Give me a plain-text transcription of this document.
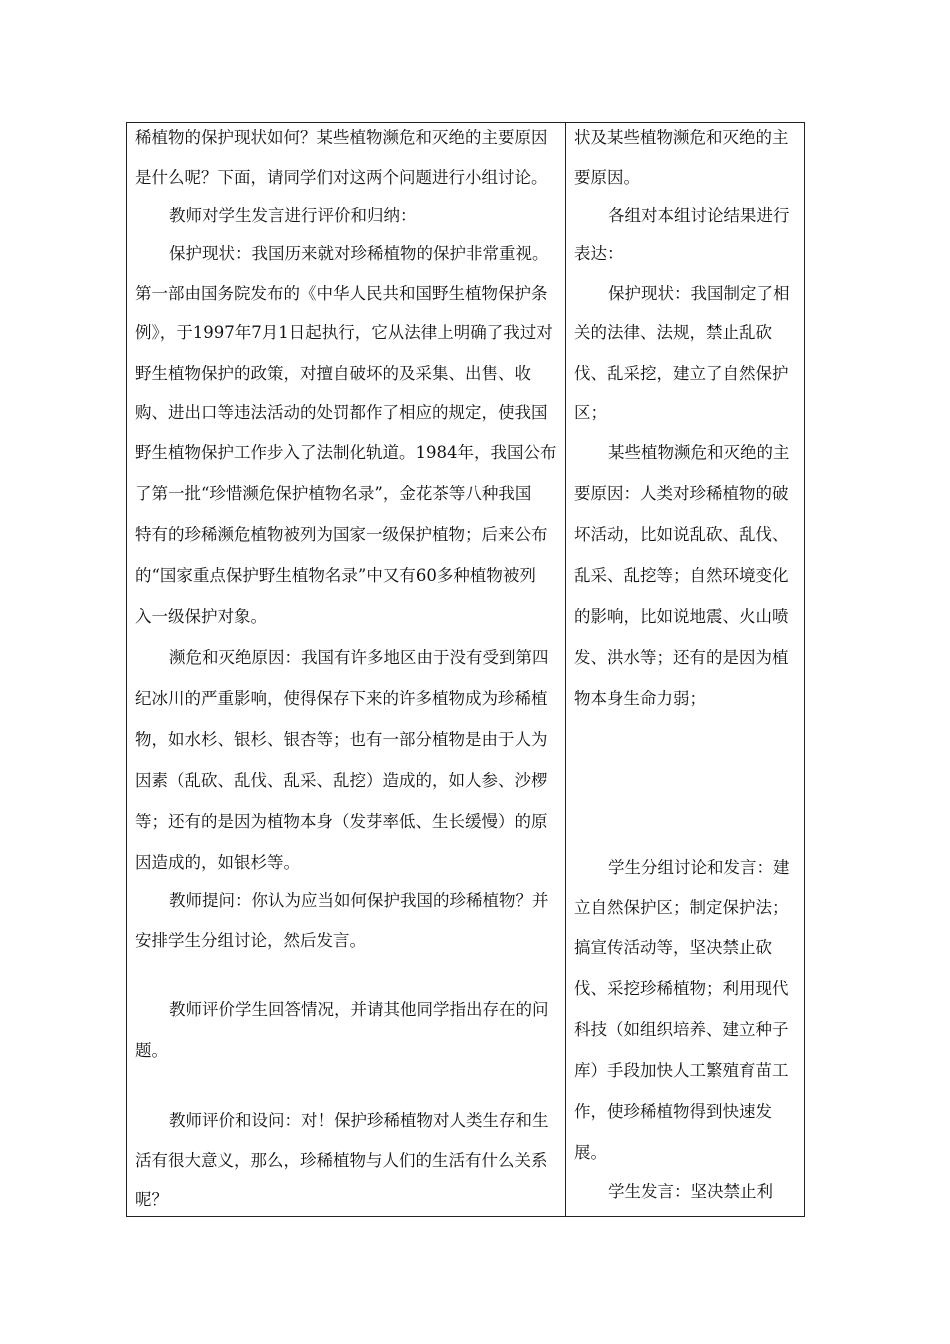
稀植物的保护现状如何？某些植物濒危和灭绝的主要原因
是什么呢？下面，请同学们对这两个问题进行小组讨论。
教师对学生发言进行评价和归纳：
保护现状：我国历来就对珍稀植物的保护非常重视。
第一部由国务院发布的《中华人民共和国野生植物保护条
例》，于1997年7月1日起执行，它从法律上明确了我过对
野生植物保护的政策，对擅自破坏的及采集、出售、收
购、进出口等违法活动的处罚都作了相应的规定，使我国
野生植物保护工作步入了法制化轨道。1984年，我国公布
了第一批“珍惜濒危保护植物名录”，金花茶等八种我国
特有的珍稀濒危植物被列为国家一级保护植物；后来公布
的“国家重点保护野生植物名录”中又有60多种植物被列
入一级保护对象。
濒危和灭绝原因：我国有许多地区由于没有受到第四
纪冰川的严重影响，使得保存下来的许多植物成为珍稀植
物，如水杉、银杉、银杏等；也有一部分植物是由于人为
因素（乱砍、乱伐、乱采、乱挖）造成的，如人参、沙椤
等；还有的是因为植物本身（发芽率低、生长缓慢）的原
因造成的，如银杉等。
教师提问：你认为应当如何保护我国的珍稀植物？并
安排学生分组讨论，然后发言。
教师评价学生回答情况，并请其他同学指出存在的问
题。
教师评价和设问：对！保护珍稀植物对人类生存和生
活有很大意义，那么，珍稀植物与人们的生活有什么关系
呢？
状及某些植物濒危和灭绝的主
要原因。
各组对本组讨论结果进行
表达：
保护现状：我国制定了相
关的法律、法规，禁止乱砍
伐、乱采挖，建立了自然保护
区；
某些植物濒危和灭绝的主
要原因：人类对珍稀植物的破
坏活动，比如说乱砍、乱伐、
乱采、乱挖等；自然环境变化
的影响，比如说地震、火山喷
发、洪水等；还有的是因为植
物本身生命力弱；
学生分组讨论和发言：建
立自然保护区；制定保护法；
搞宣传活动等，坚决禁止砍
伐、采挖珍稀植物；利用现代
科技（如组织培养、建立种子
库）手段加快人工繁殖育苗工
作，使珍稀植物得到快速发
展。
学生发言：坚决禁止利
